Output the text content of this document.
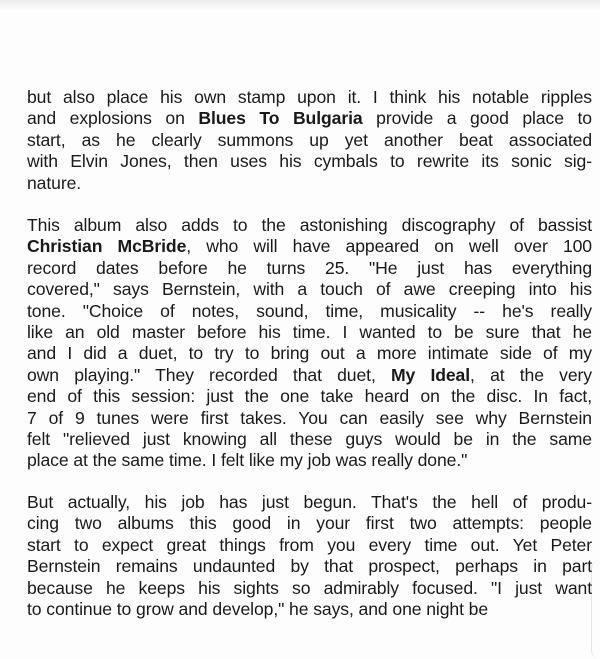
but also place his own stamp upon it. I think his notable ripples
and explosions on Blues To Bulgaria provide a good place to
start, as he clearly summons up yet another beat associated
with Elvin Jones, then uses his cymbals to rewrite its sonic sig-
nature.
This album also adds to the astonishing discography of bassist
Christian McBride, who will have appeared on well over 100
record dates before he turns 25. "He just has everything
covered," says Bernstein, with a touch of awe creeping into his
tone. "Choice of notes, sound, time, musicality -- he's really
like an old master before his time. I wanted to be sure that he
and I did a duet, to try to bring out a more intimate side of my
own playing." They recorded that duet, My Ideal, at the very
end of this session: just the one take heard on the disc. In fact,
7 of 9 tunes were first takes. You can easily see why Bernstein
felt "relieved just knowing all these guys would be in the same
place at the same time. I felt like my job was really done."
But actually, his job has just begun. That's the hell of produ-
cing two albums this good in your first two attempts: people
start to expect great things from you every time out. Yet Peter
Bernstein remains undaunted by that prospect, perhaps in part
because he keeps his sights so admirably focused. "I just want
to continue to grow and develop," he says, and one night be
